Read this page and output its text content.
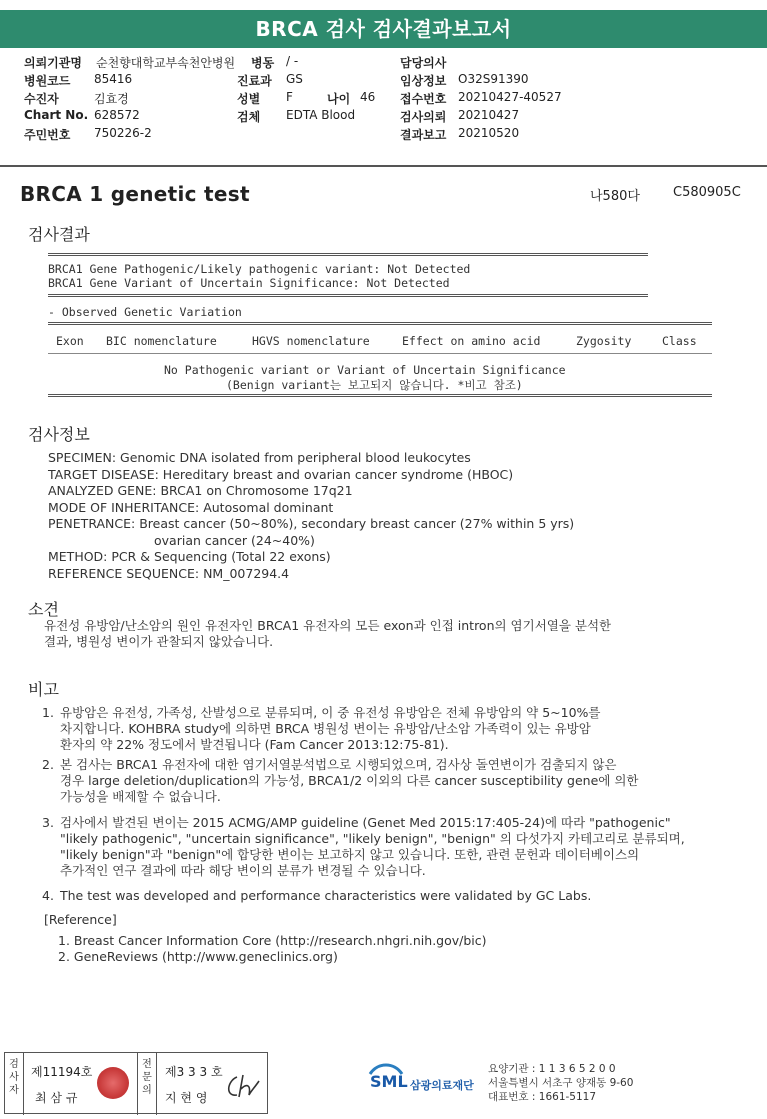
BRCA 검사 검사결과보고서
의뢰기관명 순천향대학교부속천안병원 병동 / -	담당의사
병원코드 85416	진료과 GS	임상정보 O32S91390
수진자	김효경	성별 F	나이 46 접수번호 20210427-40527
Chart No. 628572	검체 EDTA Blood	검사의뢰 20210427
주민번호 750226-2	결과보고 20210520
BRCA 1 genetic test	나580다	C580905C
검사결과
BRCA1 Gene Pathogenic/Likely pathogenic variant: Not Detected
BRCA1 Gene Variant of Uncertain Significance: Not Detected
- Observed Genetic Variation
Exon BIC nomenclature	HGVS nomenclature	Effect on amino acid	Zygosity	Class
No Pathogenic variant or Variant of Uncertain Significance
(Benign variant는 보고되지 않습니다. *비고 참조)
검사정보
SPECIMEN: Genomic DNA isolated from peripheral blood leukocytes
TARGET DISEASE: Hereditary breast and ovarian cancer syndrome (HBOC)
ANALYZED GENE: BRCA1 on Chromosome 17q21
MODE OF INHERITANCE: Autosomal dominant
PENETRANCE: Breast cancer (50~80%), secondary breast cancer (27% within 5 yrs)
ovarian cancer (24~40%)
METHOD: PCR & Sequencing (Total 22 exons)
REFERENCE SEQUENCE: NM_007294.4
소견
유전성 유방암/난소암의 원인 유전자인 BRCA1 유전자의 모든 exon과 인접 intron의 염기서열을 분석한
결과, 병원성 변이가 관찰되지 않았습니다.
비고
1. 유방암은 유전성, 가족성, 산발성으로 분류되며, 이 중 유전성 유방암은 전체 유방암의 약 5~10%를
차지합니다. KOHBRA study에 의하면 BRCA 병원성 변이는 유방암/난소암 가족력이 있는 유방암
환자의 약 22% 정도에서 발견됩니다 (Fam Cancer 2013:12:75-81).
2. 본 검사는 BRCA1 유전자에 대한 염기서열분석법으로 시행되었으며, 검사상 돌연변이가 검출되지 않은
경우 large deletion/duplication의 가능성, BRCA1/2 이외의 다른 cancer susceptibility gene에 의한
가능성을 배제할 수 없습니다.
3. 검사에서 발견된 변이는 2015 ACMG/AMP guideline (Genet Med 2015:17:405-24)에 따라 "pathogenic"
"likely pathogenic", "uncertain significance", "likely benign", "benign" 의 다섯가지 카테고리로 분류되며,
"likely benign"과 "benign"에 합당한 변이는 보고하지 않고 있습니다. 또한, 관련 문헌과 데이터베이스의
추가적인 연구 결과에 따라 해당 변이의 분류가 변경될 수 있습니다.
4. The test was developed and performance characteristics were validated by GC Labs.
[Reference]
1. Breast Cancer Information Core (http://research.nhgri.nih.gov/bic)
2. GeneReviews (http://www.geneclinics.org)
검사자
제11194호
최 삼 규
전문의
제3 3 3 호
지 현 영
SML 삼광의료재단
요양기관 : 1 1 3 6 5 2 0 0
서울특별시 서초구 양재동 9-60
대표번호 : 1661-5117
